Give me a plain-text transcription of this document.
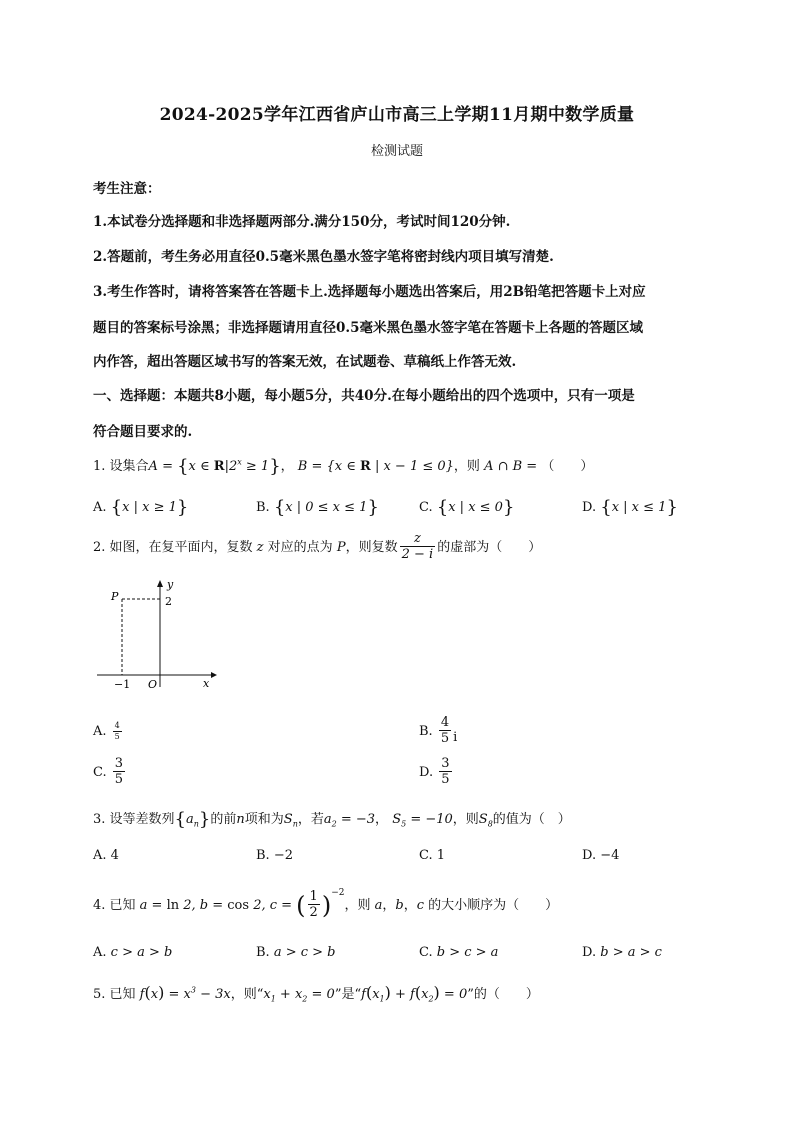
2024-2025学年江西省庐山市高三上学期11月期中数学质量
检测试题
考生注意：
1.本试卷分选择题和非选择题两部分.满分150分，考试时间120分钟.
2.答题前，考生务必用直径0.5毫米黑色墨水签字笔将密封线内项目填写清楚.
3.考生作答时，请将答案答在答题卡上.选择题每小题选出答案后，用2B铅笔把答题卡上对应
题目的答案标号涂黑；非选择题请用直径0.5毫米黑色墨水签字笔在答题卡上各题的答题区域
内作答，超出答题区域书写的答案无效，在试题卷、草稿纸上作答无效.
一、选择题：本题共8小题，每小题5分，共40分.在每小题给出的四个选项中，只有一项是
符合题目要求的.
1. 设集合A = {x ∈ $R|2^x \ge 1$}， B = {x ∈ R | x − 1 ≤ 0}，则 A ∩ B = （　　）
A. {x | x ≥ 1}	B. {x | 0 ≤ x ≤ 1}	C. {x | x ≤ 0}	D. {x | x ≤ 1}
2. 如图，在复平面内，复数 z 对应的点为 P，则复数 $\frac{z}{2 - i}$ 的虚部为（　　）
P
y
2
−1 O	x
A. $\frac{4}{5}$	B. $\frac{4}{5}$ i
C. $\frac{3}{5}$	D. $\frac{3}{5}$
3. 设等差数列$\{a_n\}$的前n项和为$S_n$，若$a_2 = -3$， $S_5 = -10$，则$S_8$的值为（　）
A. 4	B. −2	C. 1	D. −4
4. 已知 a = ln 2, b = cos 2, c = ( $\frac{1}{2} )^{-2}$，则 a，b，c 的大小顺序为（　　）
A. c > a > b	B. a > c > b	C. b > c > a	D. b > a > c
5. 已知 $f(x) = x^3 - 3x$，则“$x_1 + x_2 = 0$”是“$f(x_1) + f(x_2) = 0$”的（　　）
